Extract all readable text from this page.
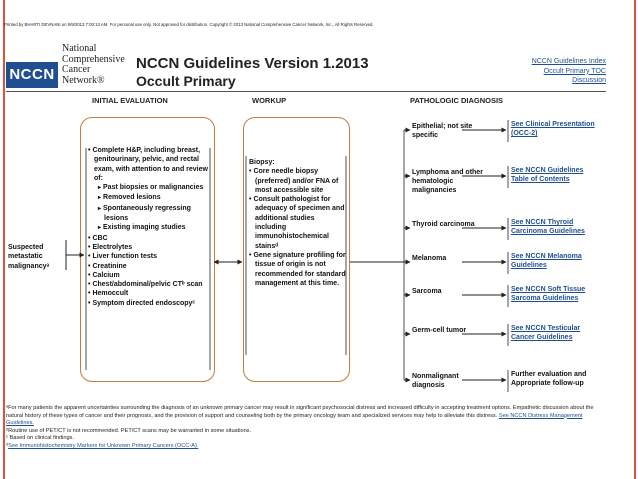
Printed by BHARTI DEVNANI on 9/9/2013 7:00:13 AM. For personal use only. Not approved for distribution. Copyright © 2013 National Comprehensive Cancer Network, Inc., All Rights Reserved.
NCCN
National
Comprehensive
Cancer
Network®
NCCN Guidelines Version 1.2013
Occult Primary
NCCN Guidelines Index
Occult Primary TOC
Discussion
INITIAL EVALUATION	WORKUP	PATHOLOGIC DIAGNOSIS
Suspected
metastatic
malignancyᵃ
• Complete H&P, including breast, genitourinary, pelvic, and rectal exam, with attention to and review of:
▸ Past biopsies or malignancies
▸ Removed lesions
▸ Spontaneously regressing lesions
▸ Existing imaging studies
• CBC
• Electrolytes
• Liver function tests
• Creatinine
• Calcium
• Chest/abdominal/pelvic CTᵇ scan
• Hemoccult
• Symptom directed endoscopyᶜ
Biopsy:
• Core needle biopsy (preferred) and/or FNA of most accessible site
• Consult pathologist for adequacy of specimen and additional studies including immunohistochemical stainsᵈ
• Gene signature profiling for tissue of origin is not recommended for standard management at this time.
Epithelial; not site specific
See Clinical Presentation (OCC-2)
Lymphoma and other hematologic malignancies
See NCCN Guidelines Table of Contents
Thyroid carcinoma	See NCCN Thyroid Carcinoma Guidelines
Melanoma	See NCCN Melanoma Guidelines
Sarcoma	See NCCN Soft Tissue Sarcoma Guidelines
Germ-cell tumor	See NCCN Testicular Cancer Guidelines
Nonmalignant diagnosis
Further evaluation and Appropriate follow-up
ᵃFor many patients the apparent uncertainties surrounding the diagnosis of an unknown primary cancer may result in significant psychosocial distress and increased difficulty in accepting treatment options. Empathetic discussion about the natural history of these types of cancer and their prognosis, and the provision of support and counseling both by the primary oncology team and specialized services may help to alleviate this distress. See NCCN Distress Management Guidelines.
ᵇRoutine use of PET/CT is not recommended. PET/CT scans may be warranted in some situations.
ᶜ Based on clinical findings.
ᵈSee Immunohistochemistry Markers for Unknown Primary Cancers (OCC-A).
